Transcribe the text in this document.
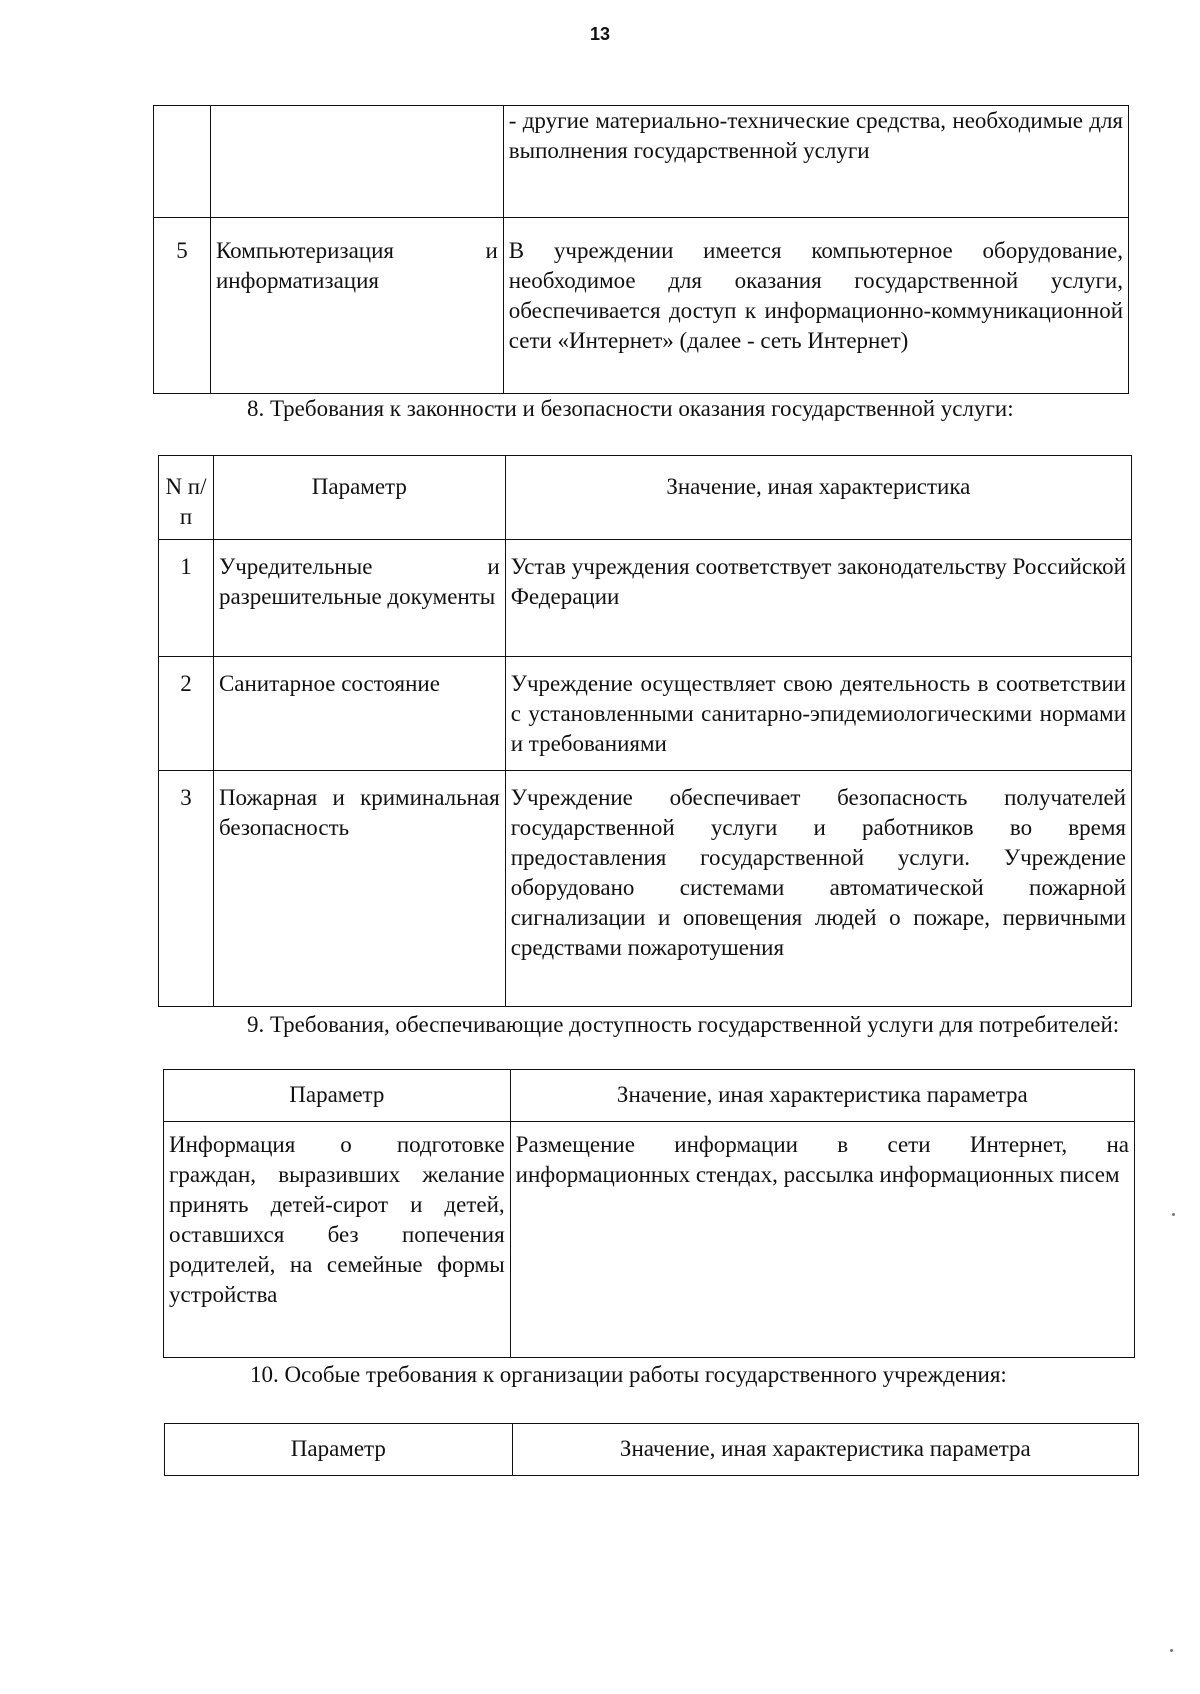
13
		- другие материально-технические средства, необходимые для выполнения государственной услуги
5	Компьютеризация и информатизация	В учреждении имеется компьютерное оборудование, необходимое для оказания государственной услуги, обеспечивается доступ к информационно-коммуникационной сети «Интернет» (далее - сеть Интернет)
8. Требования к законности и безопасности оказания государственной услуги:
N п/п	Параметр	Значение, иная характеристика
1	Учредительные и разрешительные документы	Устав учреждения соответствует законодательству Российской Федерации
2	Санитарное состояние	Учреждение осуществляет свою деятельность в соответствии с установленными санитарно-эпидемиологическими нормами и требованиями
3	Пожарная и криминальная безопасность	Учреждение обеспечивает безопасность получателей государственной услуги и работников во время предоставления государственной услуги. Учреждение оборудовано системами автоматической пожарной сигнализации и оповещения людей о пожаре, первичными средствами пожаротушения
9. Требования, обеспечивающие доступность государственной услуги для потребителей:
Параметр	Значение, иная характеристика параметра
Информация о подготовке граждан, выразивших желание принять детей-сирот и детей, оставшихся без попечения родителей, на семейные формы устройства	Размещение информации в сети Интернет, на информационных стендах, рассылка информационных писем
10. Особые требования к организации работы государственного учреждения:
Параметр	Значение, иная характеристика параметра
